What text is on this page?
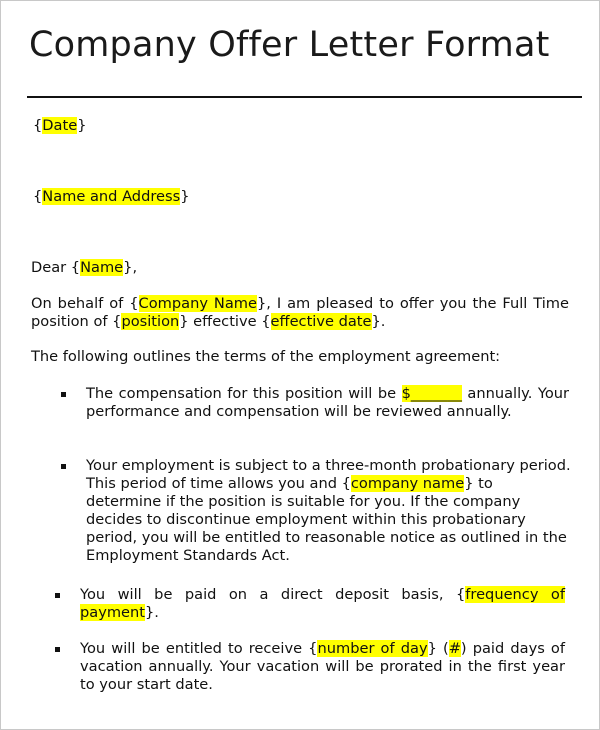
Company Offer Letter Format

{Date}

{Name and Address}

Dear {Name},

On behalf of {Company Name}, I am pleased to offer you the Full Time position of {position} effective {effective date}.

The following outlines the terms of the employment agreement:

The compensation for this position will be $_______ annually. Your performance and compensation will be reviewed annually.

Your employment is subject to a three-month probationary period. This period of time allows you and {company name} to determine if the position is suitable for you. If the company decides to discontinue employment within this probationary period, you will be entitled to reasonable notice as outlined in the Employment Standards Act.

You will be paid on a direct deposit basis, {frequency of payment}.

You will be entitled to receive {number of day} (#) paid days of vacation annually. Your vacation will be prorated in the first year to your start date.
